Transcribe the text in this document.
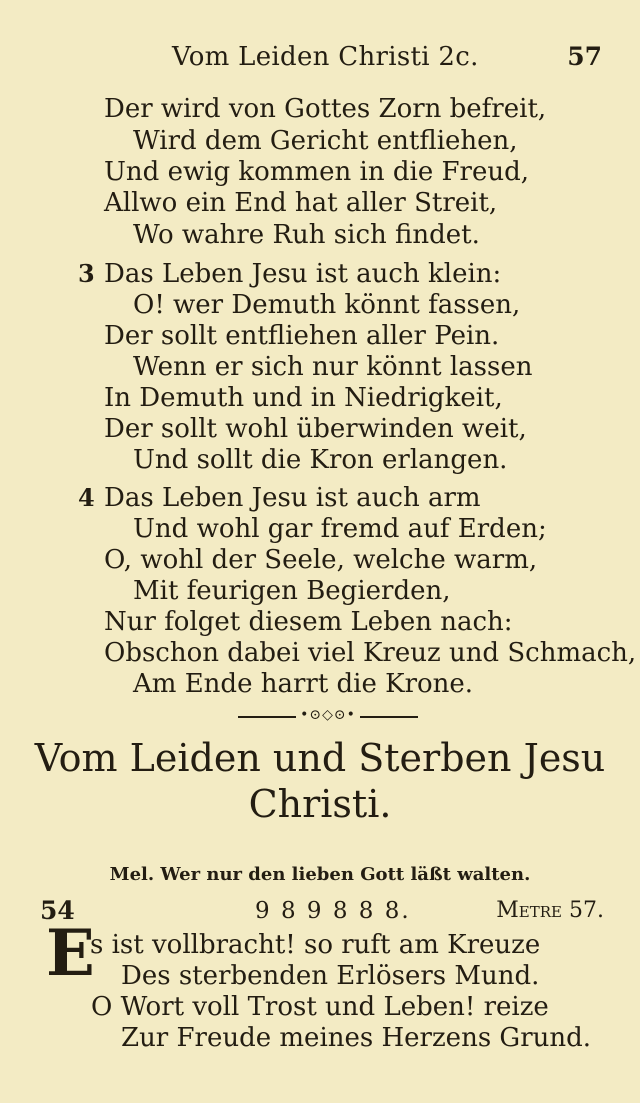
Vom Leiden Christi 2c.	57
Der wird von Gottes Zorn befreit,
Wird dem Gericht entfliehen,
Und ewig kommen in die Freud,
Allwo ein End hat aller Streit,
Wo wahre Ruh sich findet.
3 Das Leben Jesu ist auch klein:
O! wer Demuth könnt fassen,
Der sollt entfliehen aller Pein.
Wenn er sich nur könnt lassen
In Demuth und in Niedrigkeit,
Der sollt wohl überwinden weit,
Und sollt die Kron erlangen.
4 Das Leben Jesu ist auch arm
Und wohl gar fremd auf Erden;
O, wohl der Seele, welche warm,
Mit feurigen Begierden,
Nur folget diesem Leben nach:
Obschon dabei viel Kreuz und Schmach,
Am Ende harrt die Krone.
•⊙◇⊙•
Vom Leiden und Sterben Jesu
Christi.
Mel. Wer nur den lieben Gott läßt walten.
54	9 8 9 8 8 8.	Metre 57.
E
s ist vollbracht! so ruft am Kreuze
Des sterbenden Erlösers Mund.
O Wort voll Trost und Leben! reize
Zur Freude meines Herzens Grund.
